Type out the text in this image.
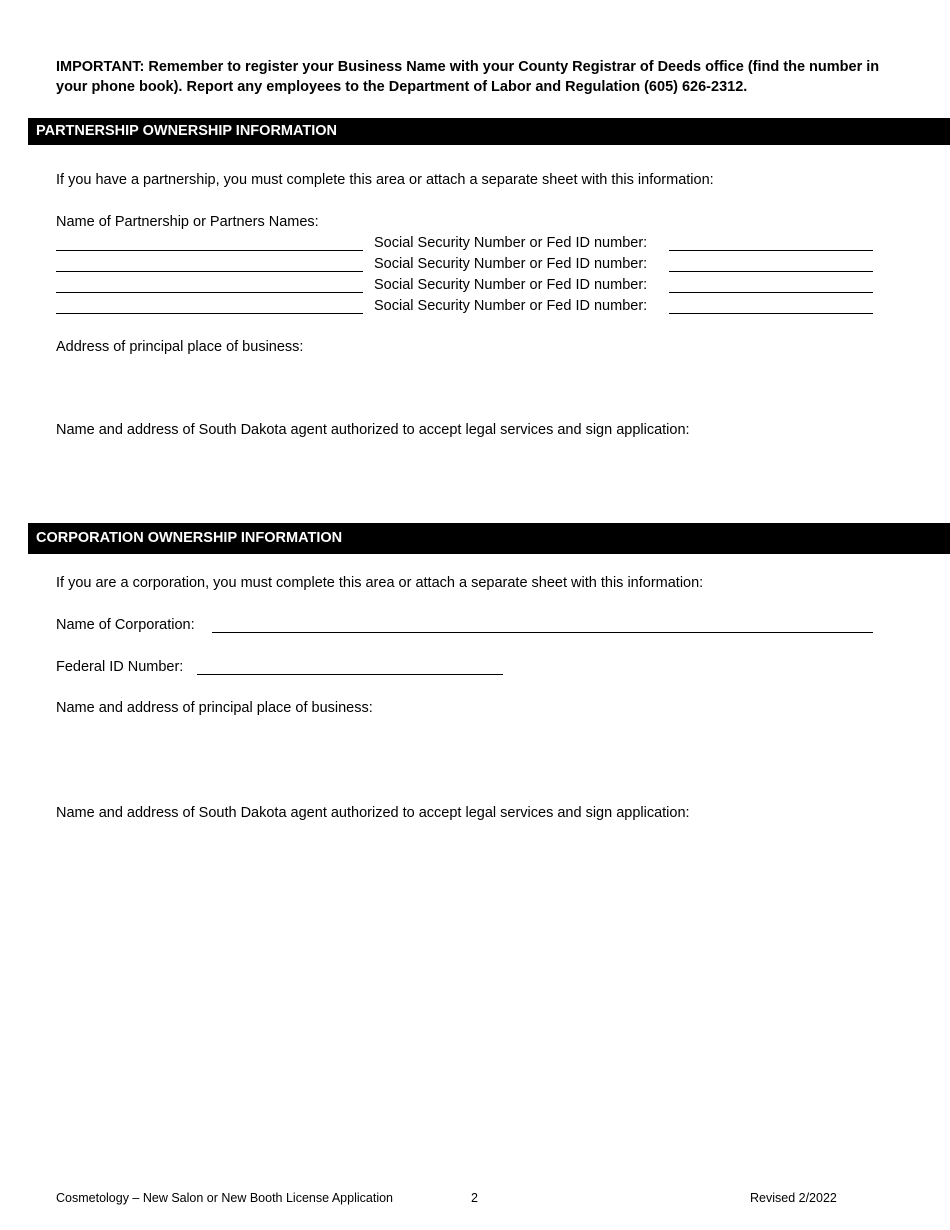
IMPORTANT: Remember to register your Business Name with your County Registrar of Deeds office (find the number in your phone book). Report any employees to the Department of Labor and Regulation (605) 626-2312.
PARTNERSHIP OWNERSHIP INFORMATION
If you have a partnership, you must complete this area or attach a separate sheet with this information:
Name of Partnership or Partners Names:
Social Security Number or Fed ID number:
Social Security Number or Fed ID number:
Social Security Number or Fed ID number:
Social Security Number or Fed ID number:
Address of principal place of business:
Name and address of South Dakota agent authorized to accept legal services and sign application:
CORPORATION OWNERSHIP INFORMATION
If you are a corporation, you must complete this area or attach a separate sheet with this information:
Name of Corporation:
Federal ID Number:
Name and address of principal place of business:
Name and address of South Dakota agent authorized to accept legal services and sign application:
Cosmetology – New Salon or New Booth License Application	2	Revised 2/2022
